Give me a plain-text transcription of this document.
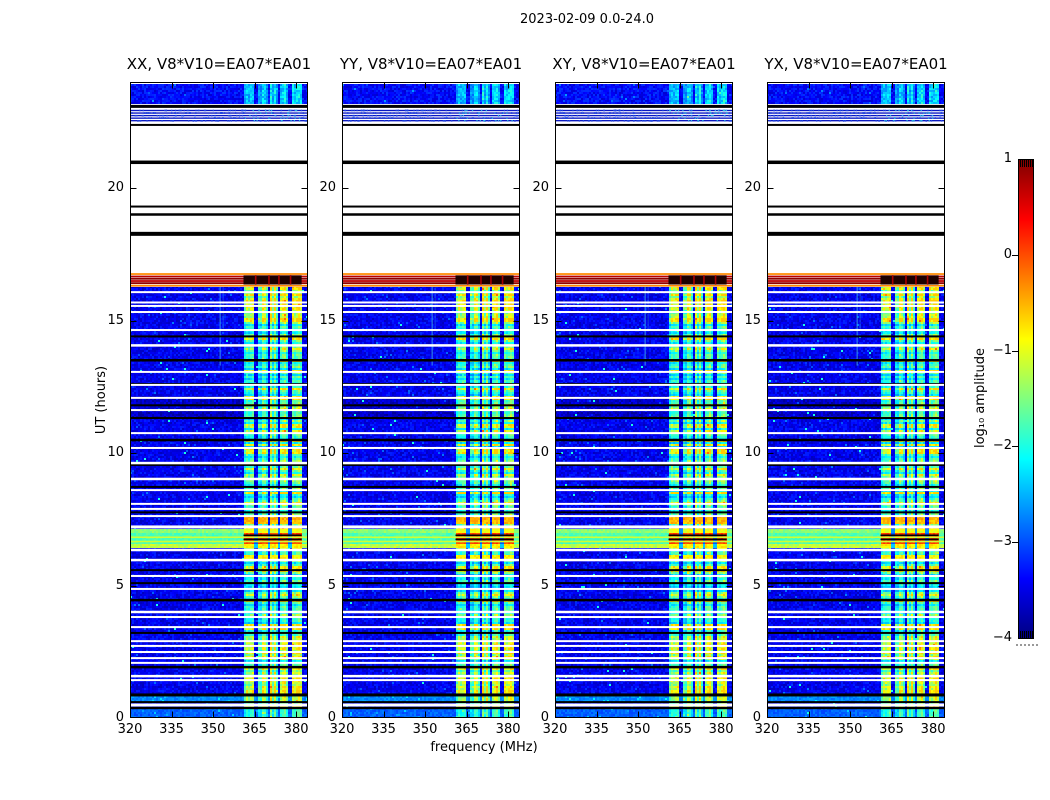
2023-02-09 0.0-24.0
UT (hours)
frequency (MHz)
log₁₀ amplitude
XX, V8*V10=EA07*EA01
0
5
10
15
20
320	335	350	365	380
YY, V8*V10=EA07*EA01
0
5
10
15
20
320	335	350	365	380
XY, V8*V10=EA07*EA01
0
5
10
15
20
320	335	350	365	380
YX, V8*V10=EA07*EA01
0
5
10
15
20
320	335	350	365	380
1
0
−1
−2
−3
−4
